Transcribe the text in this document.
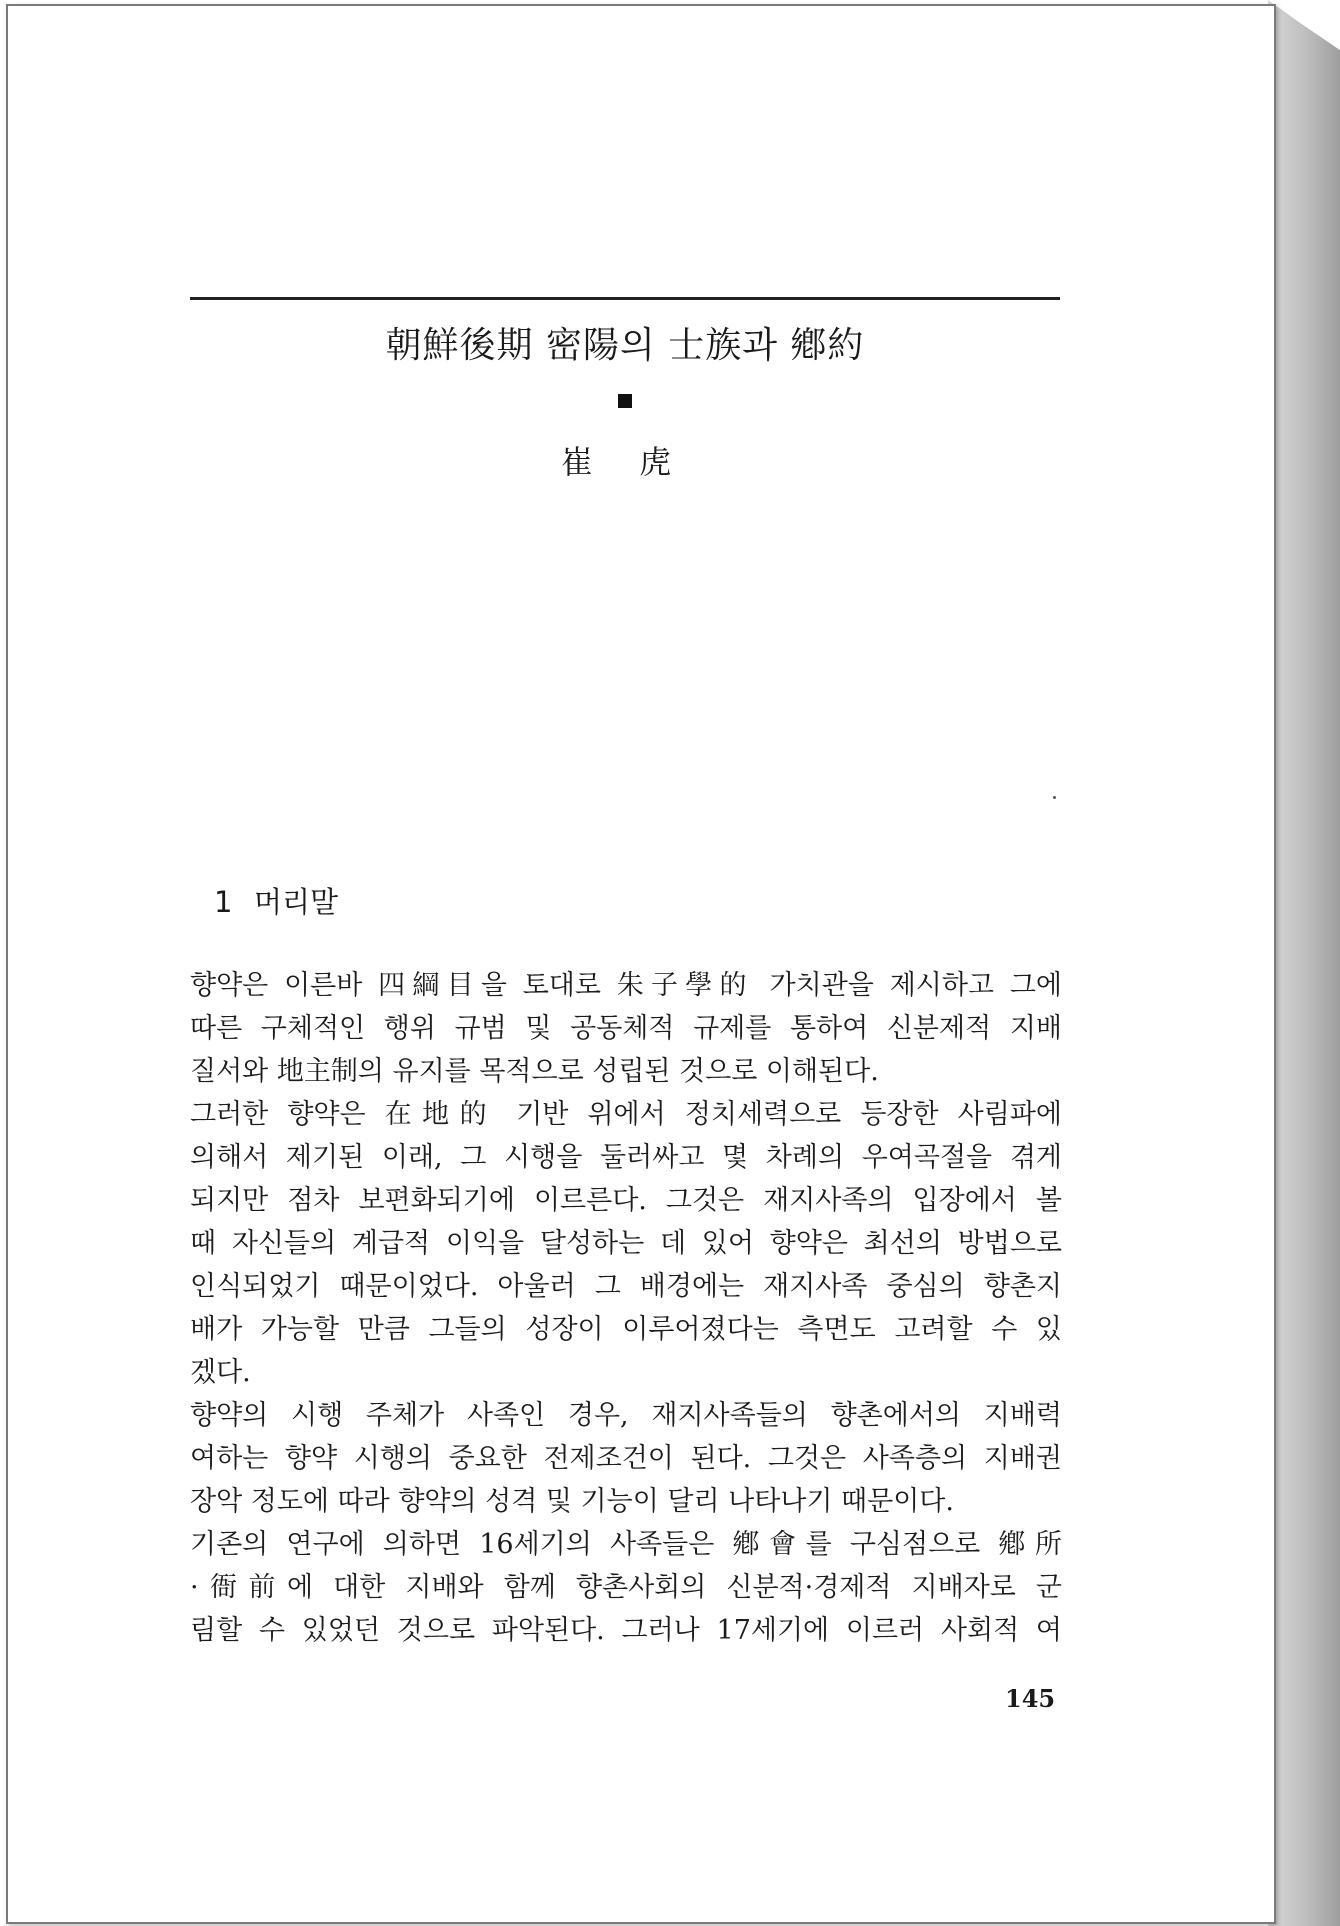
朝鮮後期 密陽의 士族과 鄕約
崔 虎
1 머리말
향약은 이른바 四綱目을 토대로 朱子學的 가치관을 제시하고 그에
따른 구체적인 행위 규범 및 공동체적 규제를 통하여 신분제적 지배
질서와 地主制의 유지를 목적으로 성립된 것으로 이해된다.
그러한 향약은 在地的 기반 위에서 정치세력으로 등장한 사림파에
의해서 제기된 이래, 그 시행을 둘러싸고 몇 차례의 우여곡절을 겪게
되지만 점차 보편화되기에 이르른다. 그것은 재지사족의 입장에서 볼
때 자신들의 계급적 이익을 달성하는 데 있어 향약은 최선의 방법으로
인식되었기 때문이었다. 아울러 그 배경에는 재지사족 중심의 향촌지
배가 가능할 만큼 그들의 성장이 이루어졌다는 측면도 고려할 수 있
겠다.
향약의 시행 주체가 사족인 경우, 재지사족들의 향촌에서의 지배력
여하는 향약 시행의 중요한 전제조건이 된다. 그것은 사족층의 지배권
장악 정도에 따라 향약의 성격 및 기능이 달리 나타나기 때문이다.
기존의 연구에 의하면 16세기의 사족들은 鄕會를 구심점으로 鄕所
·衙前에 대한 지배와 함께 향촌사회의 신분적·경제적 지배자로 군
림할 수 있었던 것으로 파악된다. 그러나 17세기에 이르러 사회적 여
145
